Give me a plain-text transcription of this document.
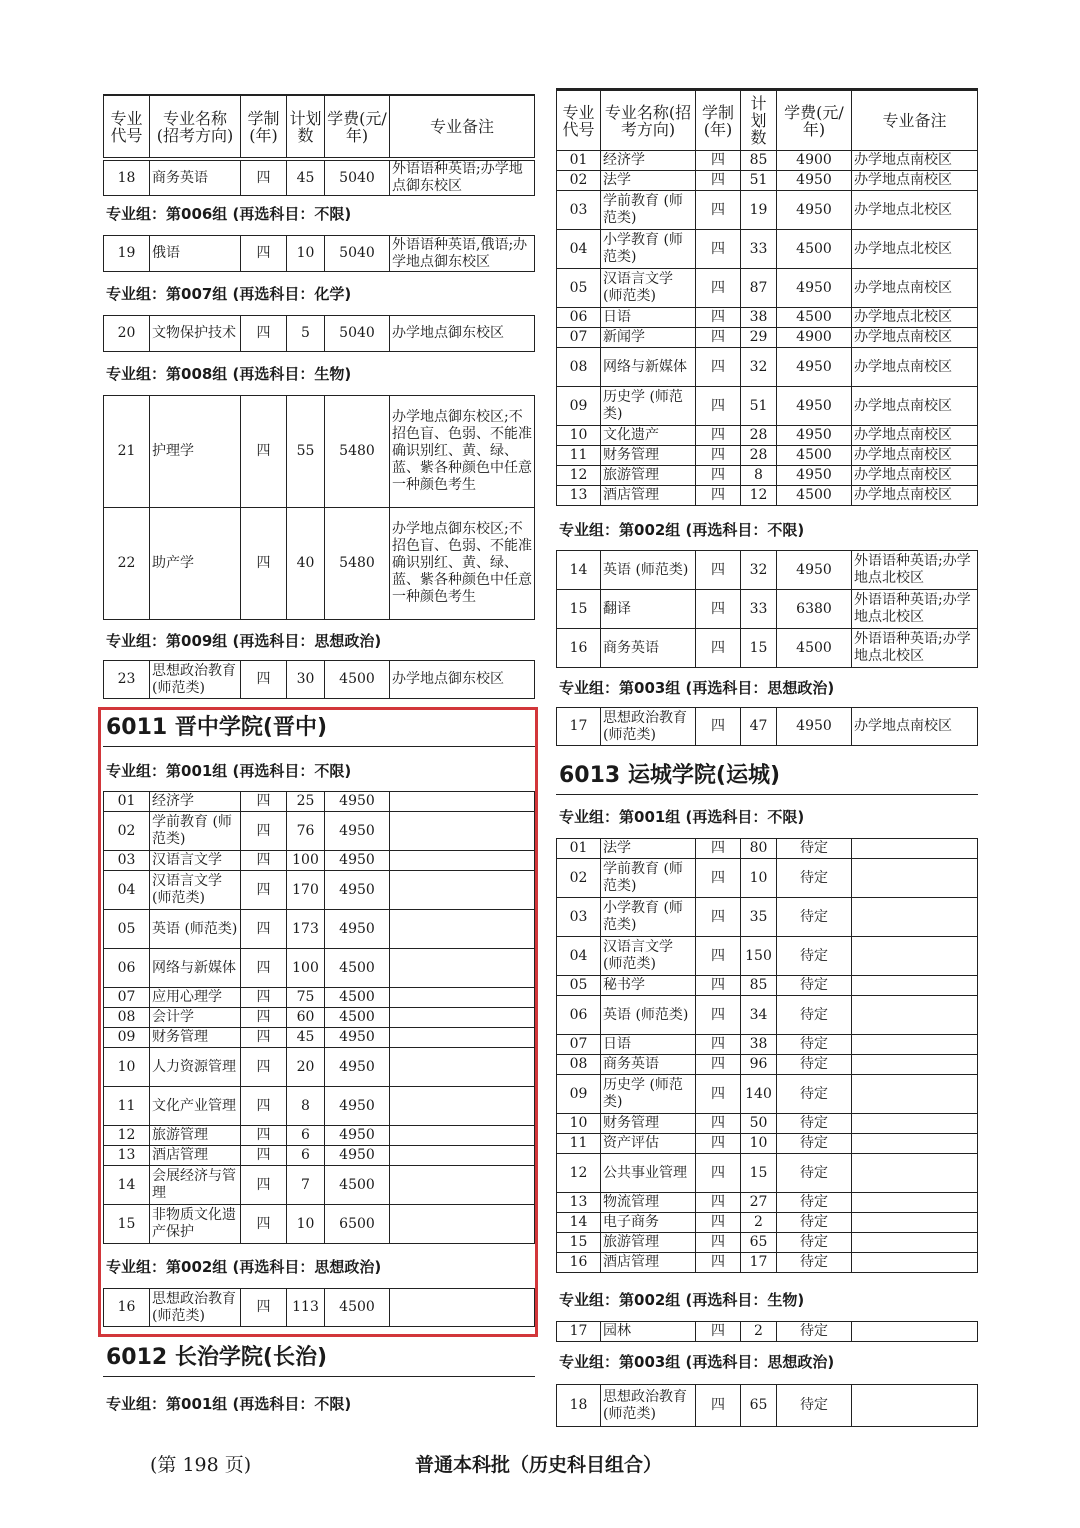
专业代号	专业名称(招考方向)	学制(年)	计划数	学费(元/年)	专业备注
18	商务英语	四	45	5040	外语语种英语;办学地点御东校区
专业组：第006组 (再选科目：不限)
19	俄语	四	10	5040	外语语种英语,俄语;办学地点御东校区
专业组：第007组 (再选科目：化学)
20	文物保护技术	四	5	5040	办学地点御东校区
专业组：第008组 (再选科目：生物)
21	护理学	四	55	5480	办学地点御东校区;不招色盲、色弱、不能准确识别红、黄、绿、蓝、紫各种颜色中任意一种颜色考生
22	助产学	四	40	5480	办学地点御东校区;不招色盲、色弱、不能准确识别红、黄、绿、蓝、紫各种颜色中任意一种颜色考生
专业组：第009组 (再选科目：思想政治)
23	思想政治教育 (师范类)	四	30	4500	办学地点御东校区
6011 晋中学院(晋中)
专业组：第001组 (再选科目：不限)
01	经济学	四	25	4950	
02	学前教育 (师范类)	四	76	4950	
03	汉语言文学	四	100	4950	
04	汉语言文学 (师范类)	四	170	4950	
05	英语 (师范类)	四	173	4950	
06	网络与新媒体	四	100	4500	
07	应用心理学	四	75	4500	
08	会计学	四	60	4500	
09	财务管理	四	45	4950	
10	人力资源管理	四	20	4950	
11	文化产业管理	四	8	4950	
12	旅游管理	四	6	4950	
13	酒店管理	四	6	4950	
14	会展经济与管理	四	7	4500	
15	非物质文化遗产保护	四	10	6500	
专业组：第002组 (再选科目：思想政治)
16	思想政治教育 (师范类)	四	113	4500	
6012 长治学院(长治)
专业组：第001组 (再选科目：不限)
专业代号	专业名称(招考方向)	学制(年)	计划数	学费(元/年)	专业备注
01	经济学	四	85	4900	办学地点南校区
02	法学	四	51	4950	办学地点南校区
03	学前教育 (师范类)	四	19	4950	办学地点北校区
04	小学教育 (师范类)	四	33	4500	办学地点北校区
05	汉语言文学 (师范类)	四	87	4950	办学地点南校区
06	日语	四	38	4500	办学地点北校区
07	新闻学	四	29	4900	办学地点南校区
08	网络与新媒体	四	32	4950	办学地点南校区
09	历史学 (师范类)	四	51	4950	办学地点南校区
10	文化遗产	四	28	4950	办学地点南校区
11	财务管理	四	28	4500	办学地点南校区
12	旅游管理	四	8	4950	办学地点南校区
13	酒店管理	四	12	4500	办学地点南校区
专业组：第002组 (再选科目：不限)
14	英语 (师范类)	四	32	4950	外语语种英语;办学地点北校区
15	翻译	四	33	6380	外语语种英语;办学地点北校区
16	商务英语	四	15	4500	外语语种英语;办学地点北校区
专业组：第003组 (再选科目：思想政治)
17	思想政治教育 (师范类)	四	47	4950	办学地点南校区
6013 运城学院(运城)
专业组：第001组 (再选科目：不限)
01	法学	四	80	待定	
02	学前教育 (师范类)	四	10	待定	
03	小学教育 (师范类)	四	35	待定	
04	汉语言文学 (师范类)	四	150	待定	
05	秘书学	四	85	待定	
06	英语 (师范类)	四	34	待定	
07	日语	四	38	待定	
08	商务英语	四	96	待定	
09	历史学 (师范类)	四	140	待定	
10	财务管理	四	50	待定	
11	资产评估	四	10	待定	
12	公共事业管理	四	15	待定	
13	物流管理	四	27	待定	
14	电子商务	四	2	待定	
15	旅游管理	四	65	待定	
16	酒店管理	四	17	待定	
专业组：第002组 (再选科目：生物)
17	园林	四	2	待定	
专业组：第003组 (再选科目：思想政治)
18	思想政治教育 (师范类)	四	65	待定	
(第 198 页)	普通本科批（历史科目组合）
